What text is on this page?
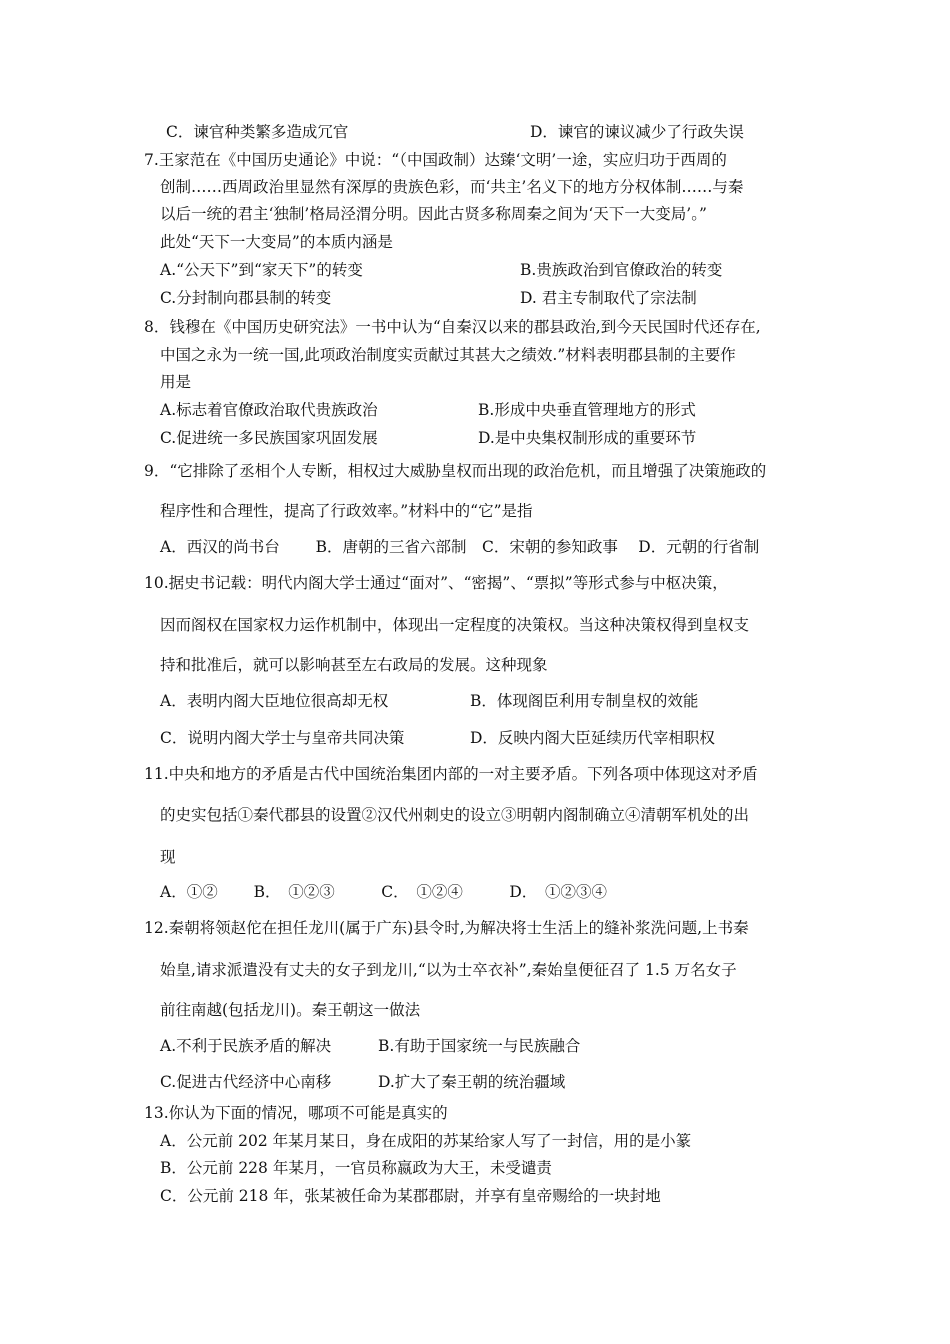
C．谏官种类繁多造成冗官	D．谏官的谏议减少了行政失误
7.王家范在《中国历史通论》中说：“（中国政制）达臻‘文明’一途，实应归功于西周的
创制……西周政治里显然有深厚的贵族色彩，而‘共主’名义下的地方分权体制……与秦
以后一统的君主‘独制’格局泾渭分明。因此古贤多称周秦之间为‘天下一大变局’。”
此处“天下一大变局”的本质内涵是
A.“公天下”到“家天下”的转变	B.贵族政治到官僚政治的转变
C.分封制向郡县制的转变	D. 君主专制取代了宗法制
8．钱穆在《中国历史研究法》一书中认为“自秦汉以来的郡县政治,到今天民国时代还存在,
中国之永为一统一国,此项政治制度实贡献过其甚大之绩效.”材料表明郡县制的主要作
用是
A.标志着官僚政治取代贵族政治	B.形成中央垂直管理地方的形式
C.促进统一多民族国家巩固发展	D.是中央集权制形成的重要环节
9．“它排除了丞相个人专断，相权过大威胁皇权而出现的政治危机，而且增强了决策施政的
程序性和合理性，提高了行政效率。”材料中的“它”是指
A．西汉的尚书台　　 B．唐朝的三省六部制　C．宋朝的参知政事　 D．元朝的行省制
10.据史书记载：明代内阁大学士通过“面对”、“密揭”、“票拟”等形式参与中枢决策，
因而阁权在国家权力运作机制中，体现出一定程度的决策权。当这种决策权得到皇权支
持和批准后，就可以影响甚至左右政局的发展。这种现象
A．表明内阁大臣地位很高却无权	B．体现阁臣利用专制皇权的效能
C．说明内阁大学士与皇帝共同决策	D．反映内阁大臣延续历代宰相职权
11.中央和地方的矛盾是古代中国统治集团内部的一对主要矛盾。下列各项中体现这对矛盾
的史实包括①秦代郡县的设置②汉代州刺史的设立③明朝内阁制确立④清朝军机处的出
现
A．①②　　 B．　①②③　　　C．　①②④　　　D．　①②③④
12.秦朝将领赵佗在担任龙川(属于广东)县令时,为解决将士生活上的缝补浆洗问题,上书秦
始皇,请求派遣没有丈夫的女子到龙川,“以为士卒衣补”,秦始皇便征召了 1.5 万名女子
前往南越(包括龙川)。秦王朝这一做法
A.不利于民族矛盾的解决	B.有助于国家统一与民族融合
C.促进古代经济中心南移	D.扩大了秦王朝的统治疆域
13.你认为下面的情况，哪项不可能是真实的
A．公元前 202 年某月某日，身在成阳的苏某给家人写了一封信，用的是小篆
B．公元前 228 年某月，一官员称嬴政为大王，未受谴责
C．公元前 218 年，张某被任命为某郡郡尉，并享有皇帝赐给的一块封地
